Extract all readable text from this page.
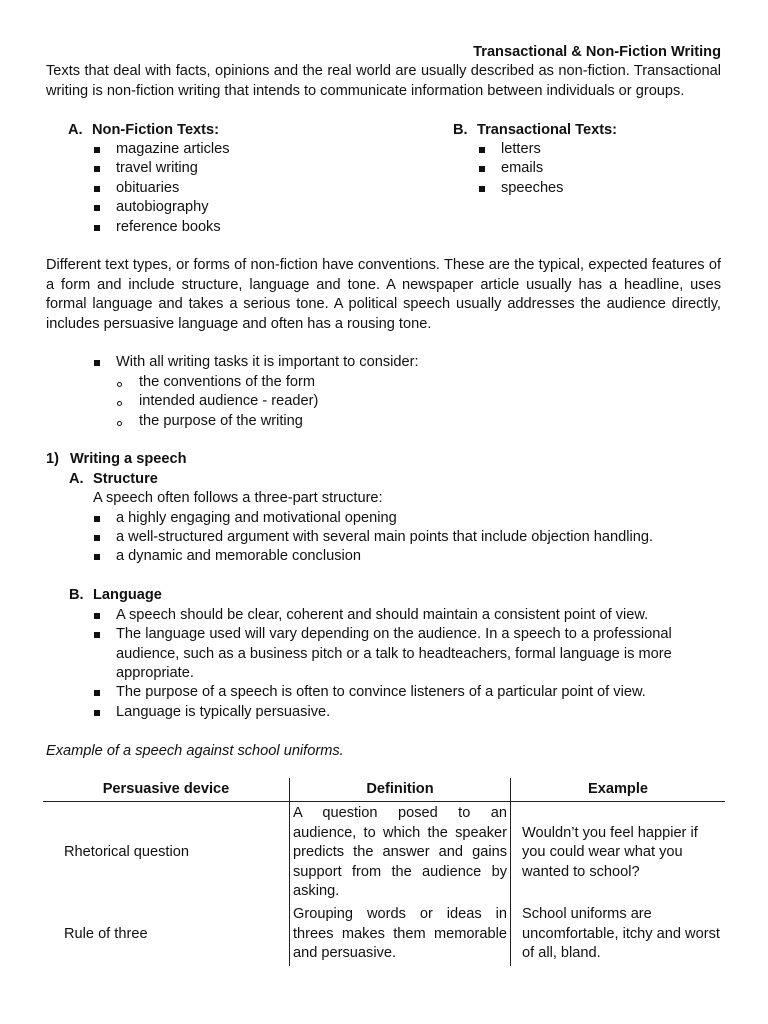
Transactional & Non-Fiction Writing

Texts that deal with facts, opinions and the real world are usually described as non-fiction. Transactional writing is non-fiction writing that intends to communicate information between individuals or groups.

A. Non-Fiction Texts:
magazine articles
travel writing
obituaries
autobiography
reference books
B. Transactional Texts:
letters
emails
speeches

Different text types, or forms of non-fiction have conventions. These are the typical, expected features of a form and include structure, language and tone. A newspaper article usually has a headline, uses formal language and takes a serious tone. A political speech usually addresses the audience directly, includes persuasive language and often has a rousing tone.

With all writing tasks it is important to consider:
the conventions of the form
intended audience - reader)
the purpose of the writing
1) Writing a speech
A. Structure
A speech often follows a three-part structure:
a highly engaging and motivational opening
a well-structured argument with several main points that include objection handling.
a dynamic and memorable conclusion
B. Language
A speech should be clear, coherent and should maintain a consistent point of view.
The language used will vary depending on the audience. In a speech to a professional audience, such as a business pitch or a talk to headteachers, formal language is more appropriate.
The purpose of a speech is often to convince listeners of a particular point of view.
Language is typically persuasive.
Example of a speech against school uniforms.
Persuasive device	Definition	Example
Rhetorical question	A question posed to an audience, to which the speaker predicts the answer and gains support from the audience by asking.	Wouldn’t you feel happier if you could wear what you wanted to school?
Rule of three	Grouping words or ideas in threes makes them memorable and persuasive.	School uniforms are uncomfortable, itchy and worst of all, bland.
